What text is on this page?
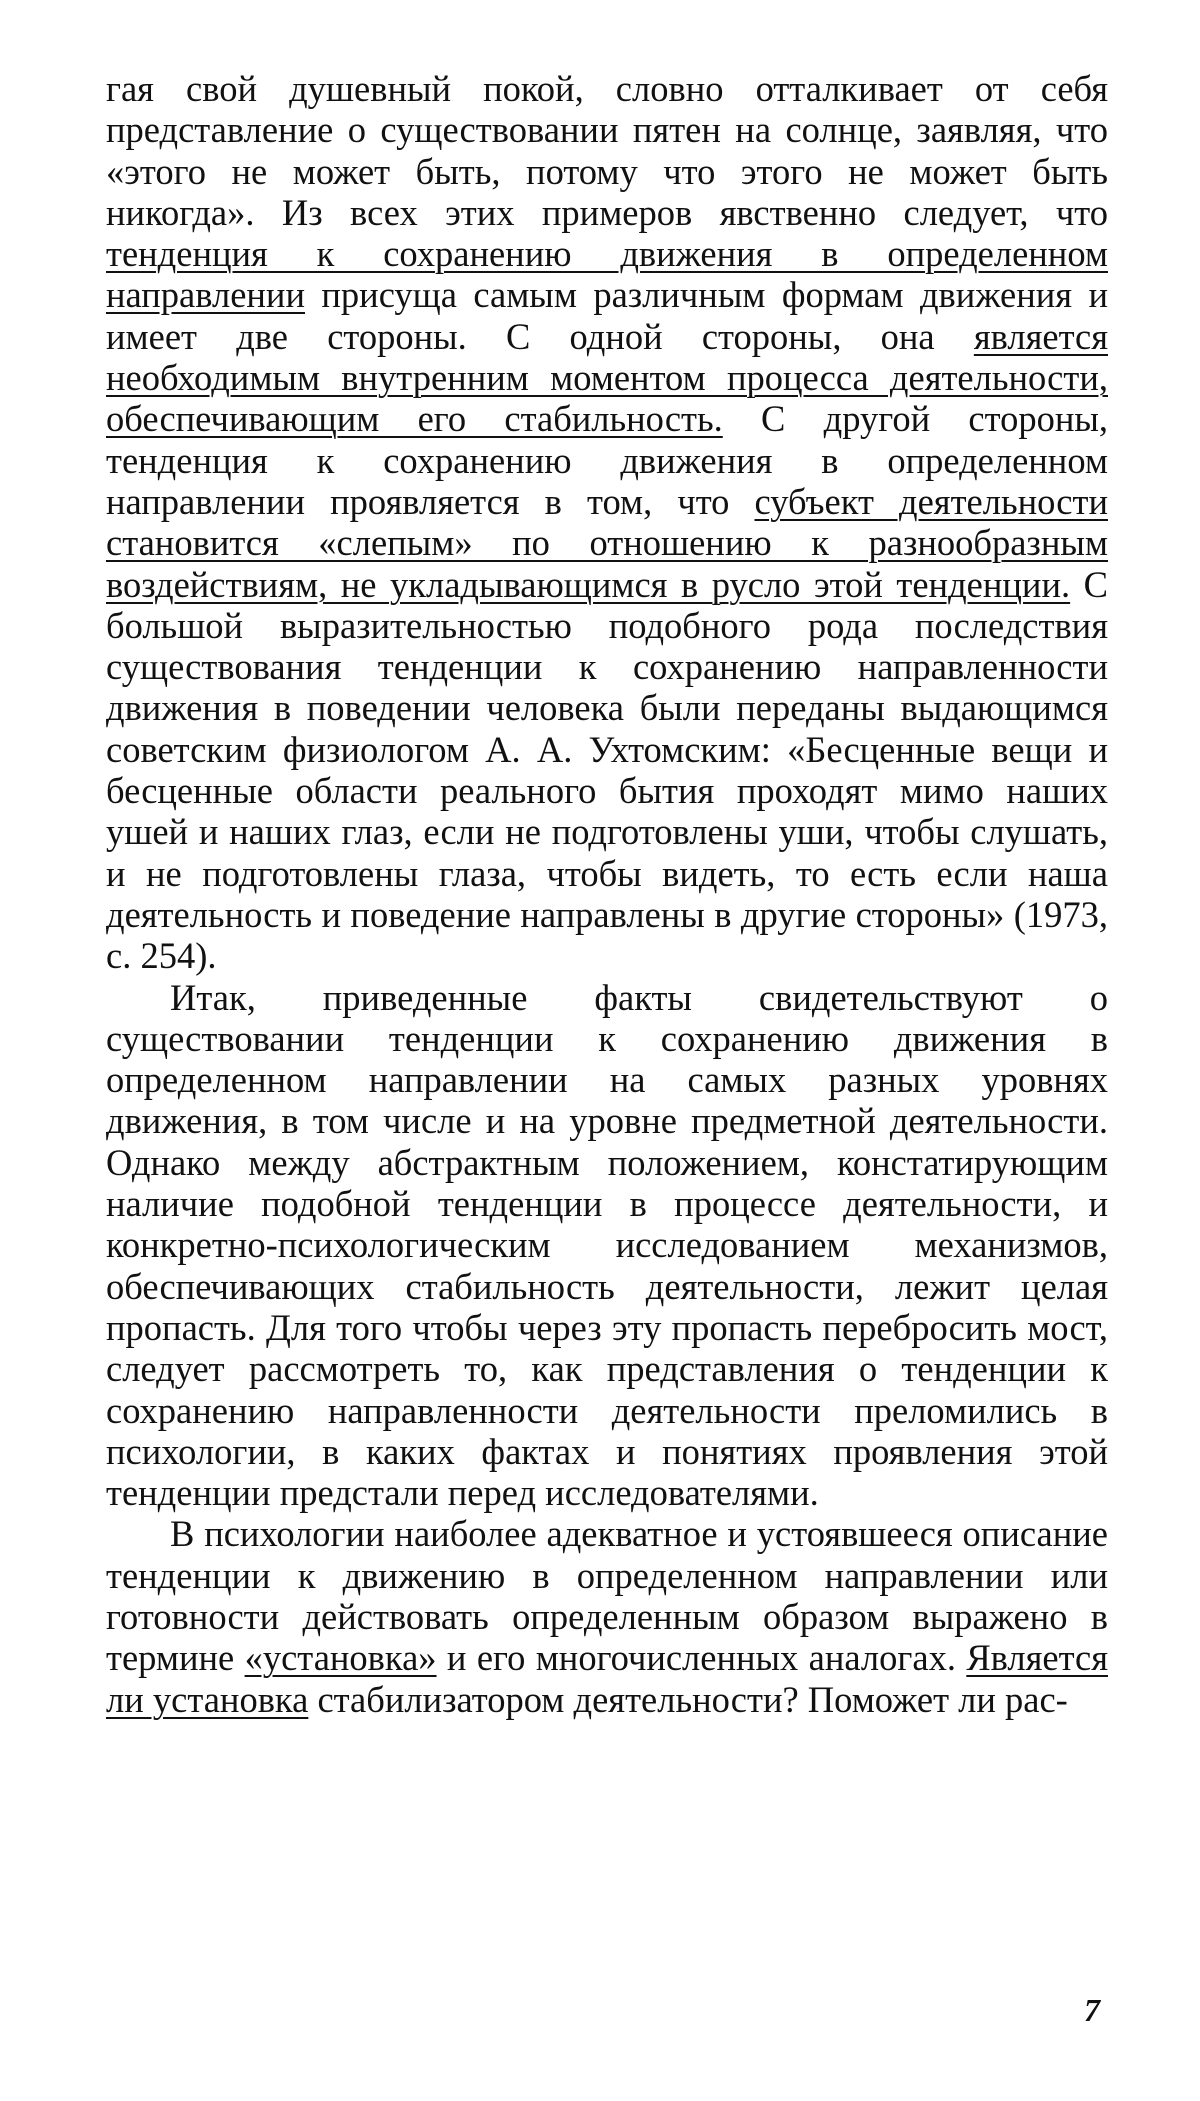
гая свой душевный покой, словно отталкивает от себя представление о существовании пятен на солнце, заявляя, что «этого не может быть, потому что этого не может быть никогда». Из всех этих примеров явственно следует, что тенденция к сохранению движения в определенном направлении присуща самым различным формам движения и имеет две стороны. С одной стороны, она является необходимым внутренним моментом процесса деятельности, обеспечивающим его стабильность. С другой стороны, тенденция к сохранению движения в определенном направлении проявляется в том, что субъект деятельности становится «слепым» по отношению к разнообразным воздействиям, не укладывающимся в русло этой тенденции. С большой выразительностью подобного рода последствия существования тенденции к сохранению направленности движения в поведении человека были переданы выдающимся советским физиологом А. А. Ухтомским: «Бесценные вещи и бесценные области реального бытия проходят мимо наших ушей и наших глаз, если не подготовлены уши, чтобы слушать, и не подготовлены глаза, чтобы видеть, то есть если наша деятельность и поведение направлены в другие стороны» (1973, с. 254).

Итак, приведенные факты свидетельствуют о существовании тенденции к сохранению движения в определенном направлении на самых разных уровнях движения, в том числе и на уровне предметной деятельности. Однако между абстрактным положением, констатирующим наличие подобной тенденции в процессе деятельности, и конкретно-психологическим исследованием механизмов, обеспечивающих стабильность деятельности, лежит целая пропасть. Для того чтобы через эту пропасть перебросить мост, следует рассмотреть то, как представления о тенденции к сохранению направленности деятельности преломились в психологии, в каких фактах и понятиях проявления этой тенденции предстали перед исследователями.

В психологии наиболее адекватное и устоявшееся описание тенденции к движению в определенном направлении или готовности действовать определенным образом выражено в термине «установка» и его многочисленных аналогах. Является ли установка стабилизатором деятельности? Поможет ли рас-

7
